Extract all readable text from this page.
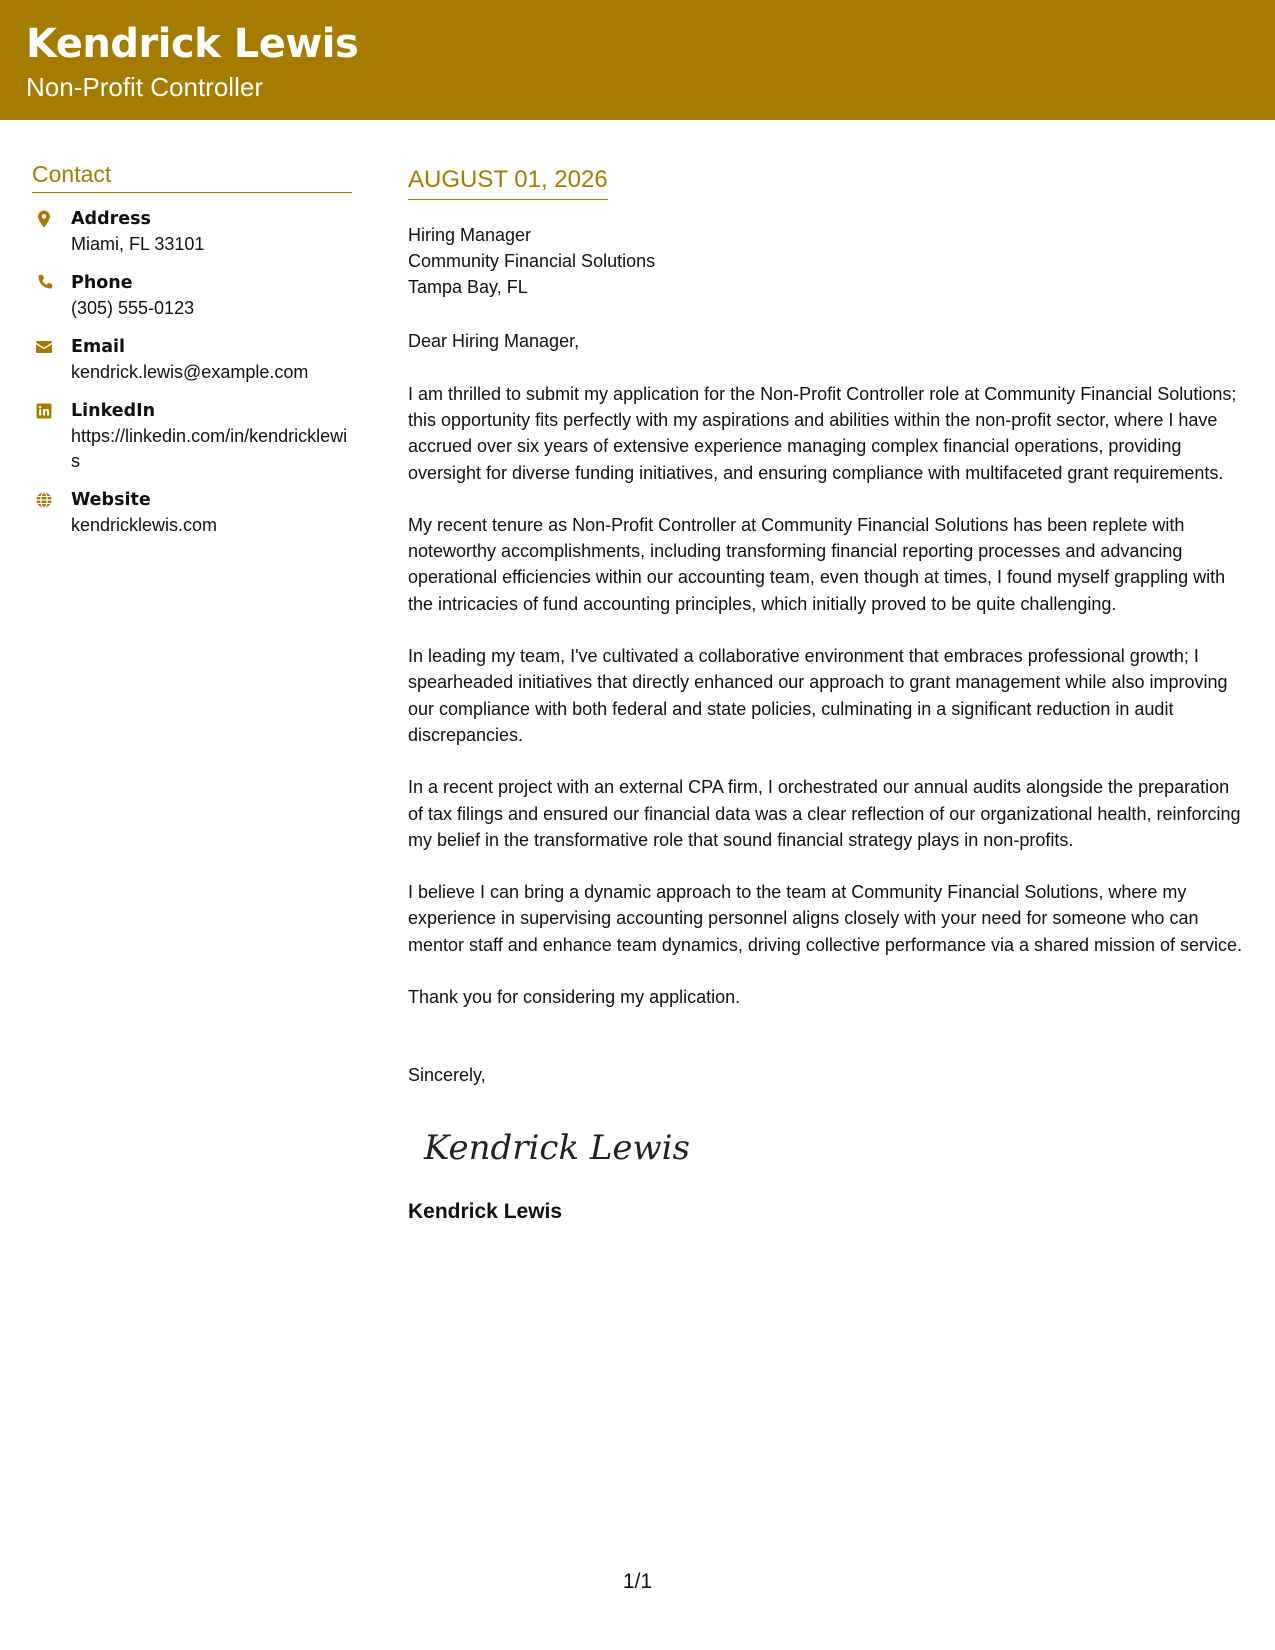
Kendrick Lewis
Non-Profit Controller
Contact
Address
Miami, FL 33101
Phone
(305) 555-0123
Email
kendrick.lewis@example.com
LinkedIn
https://linkedin.com/in/kendricklewis
Website
kendricklewis.com
AUGUST 01, 2026
Hiring Manager
Community Financial Solutions
Tampa Bay, FL
Dear Hiring Manager,
I am thrilled to submit my application for the Non-Profit Controller role at Community Financial Solutions; this opportunity fits perfectly with my aspirations and abilities within the non-profit sector, where I have accrued over six years of extensive experience managing complex financial operations, providing oversight for diverse funding initiatives, and ensuring compliance with multifaceted grant requirements.
My recent tenure as Non-Profit Controller at Community Financial Solutions has been replete with noteworthy accomplishments, including transforming financial reporting processes and advancing operational efficiencies within our accounting team, even though at times, I found myself grappling with the intricacies of fund accounting principles, which initially proved to be quite challenging.
In leading my team, I've cultivated a collaborative environment that embraces professional growth; I spearheaded initiatives that directly enhanced our approach to grant management while also improving our compliance with both federal and state policies, culminating in a significant reduction in audit discrepancies.
In a recent project with an external CPA firm, I orchestrated our annual audits alongside the preparation of tax filings and ensured our financial data was a clear reflection of our organizational health, reinforcing my belief in the transformative role that sound financial strategy plays in non-profits.
I believe I can bring a dynamic approach to the team at Community Financial Solutions, where my experience in supervising accounting personnel aligns closely with your need for someone who can mentor staff and enhance team dynamics, driving collective performance via a shared mission of service.
Thank you for considering my application.
Sincerely,
Kendrick Lewis
Kendrick Lewis
1/1
